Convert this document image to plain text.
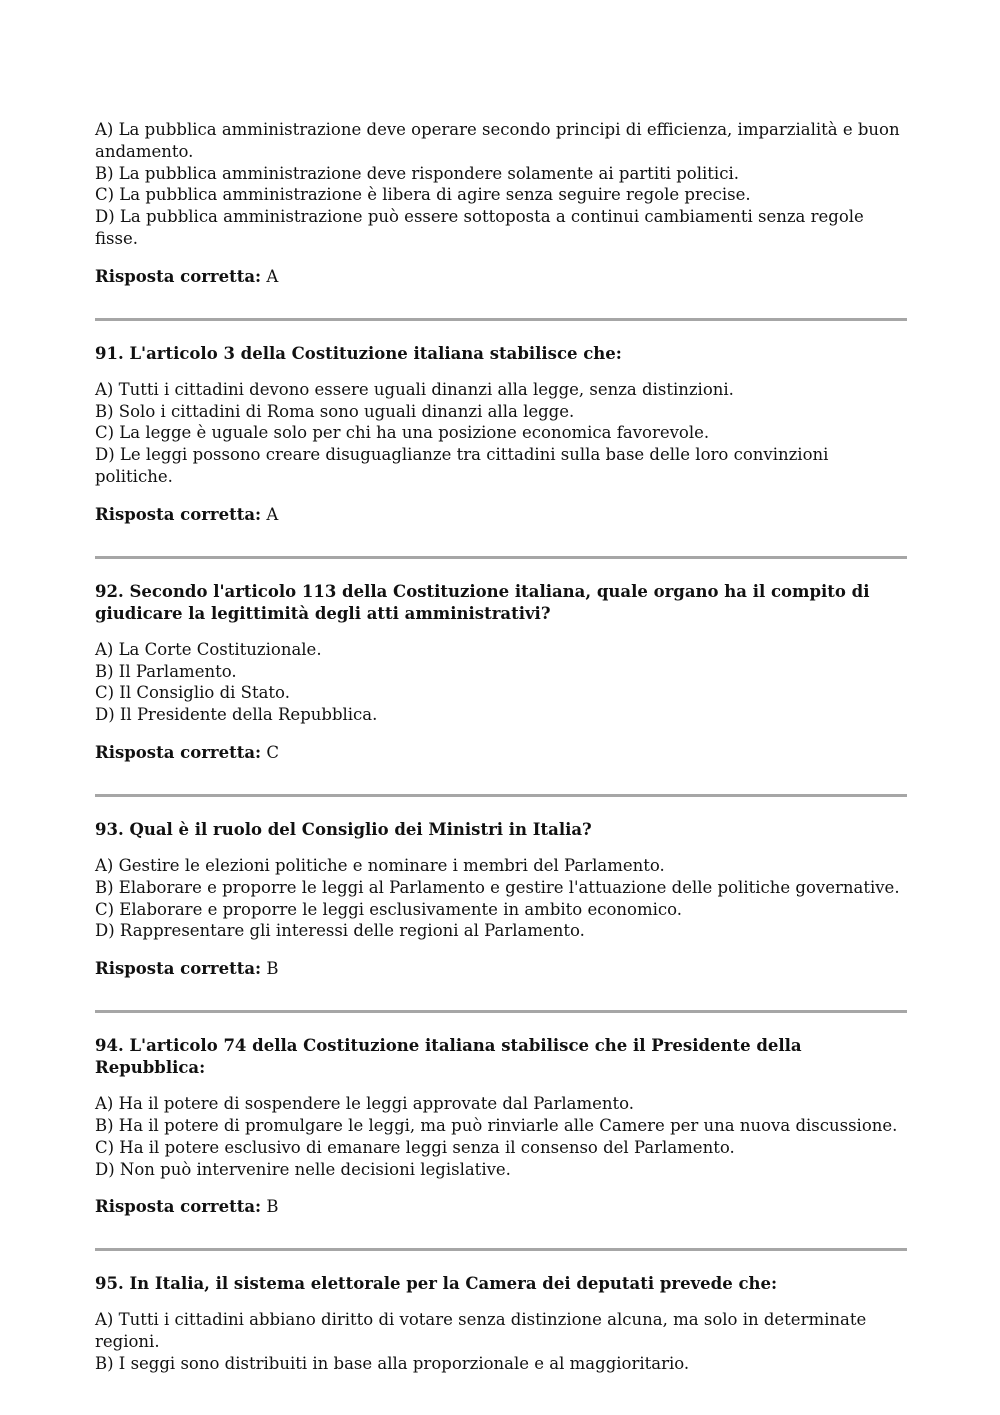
A) La pubblica amministrazione deve operare secondo principi di efficienza, imparzialità e buon andamento.
B) La pubblica amministrazione deve rispondere solamente ai partiti politici.
C) La pubblica amministrazione è libera di agire senza seguire regole precise.
D) La pubblica amministrazione può essere sottoposta a continui cambiamenti senza regole fisse.

Risposta corretta: A

91. L'articolo 3 della Costituzione italiana stabilisce che:

A) Tutti i cittadini devono essere uguali dinanzi alla legge, senza distinzioni.
B) Solo i cittadini di Roma sono uguali dinanzi alla legge.
C) La legge è uguale solo per chi ha una posizione economica favorevole.
D) Le leggi possono creare disuguaglianze tra cittadini sulla base delle loro convinzioni politiche.

Risposta corretta: A

92. Secondo l'articolo 113 della Costituzione italiana, quale organo ha il compito di giudicare la legittimità degli atti amministrativi?

A) La Corte Costituzionale.
B) Il Parlamento.
C) Il Consiglio di Stato.
D) Il Presidente della Repubblica.

Risposta corretta: C

93. Qual è il ruolo del Consiglio dei Ministri in Italia?

A) Gestire le elezioni politiche e nominare i membri del Parlamento.
B) Elaborare e proporre le leggi al Parlamento e gestire l'attuazione delle politiche governative.
C) Elaborare e proporre le leggi esclusivamente in ambito economico.
D) Rappresentare gli interessi delle regioni al Parlamento.

Risposta corretta: B

94. L'articolo 74 della Costituzione italiana stabilisce che il Presidente della Repubblica:

A) Ha il potere di sospendere le leggi approvate dal Parlamento.
B) Ha il potere di promulgare le leggi, ma può rinviarle alle Camere per una nuova discussione.
C) Ha il potere esclusivo di emanare leggi senza il consenso del Parlamento.
D) Non può intervenire nelle decisioni legislative.

Risposta corretta: B

95. In Italia, il sistema elettorale per la Camera dei deputati prevede che:

A) Tutti i cittadini abbiano diritto di votare senza distinzione alcuna, ma solo in determinate regioni.
B) I seggi sono distribuiti in base alla proporzionale e al maggioritario.
